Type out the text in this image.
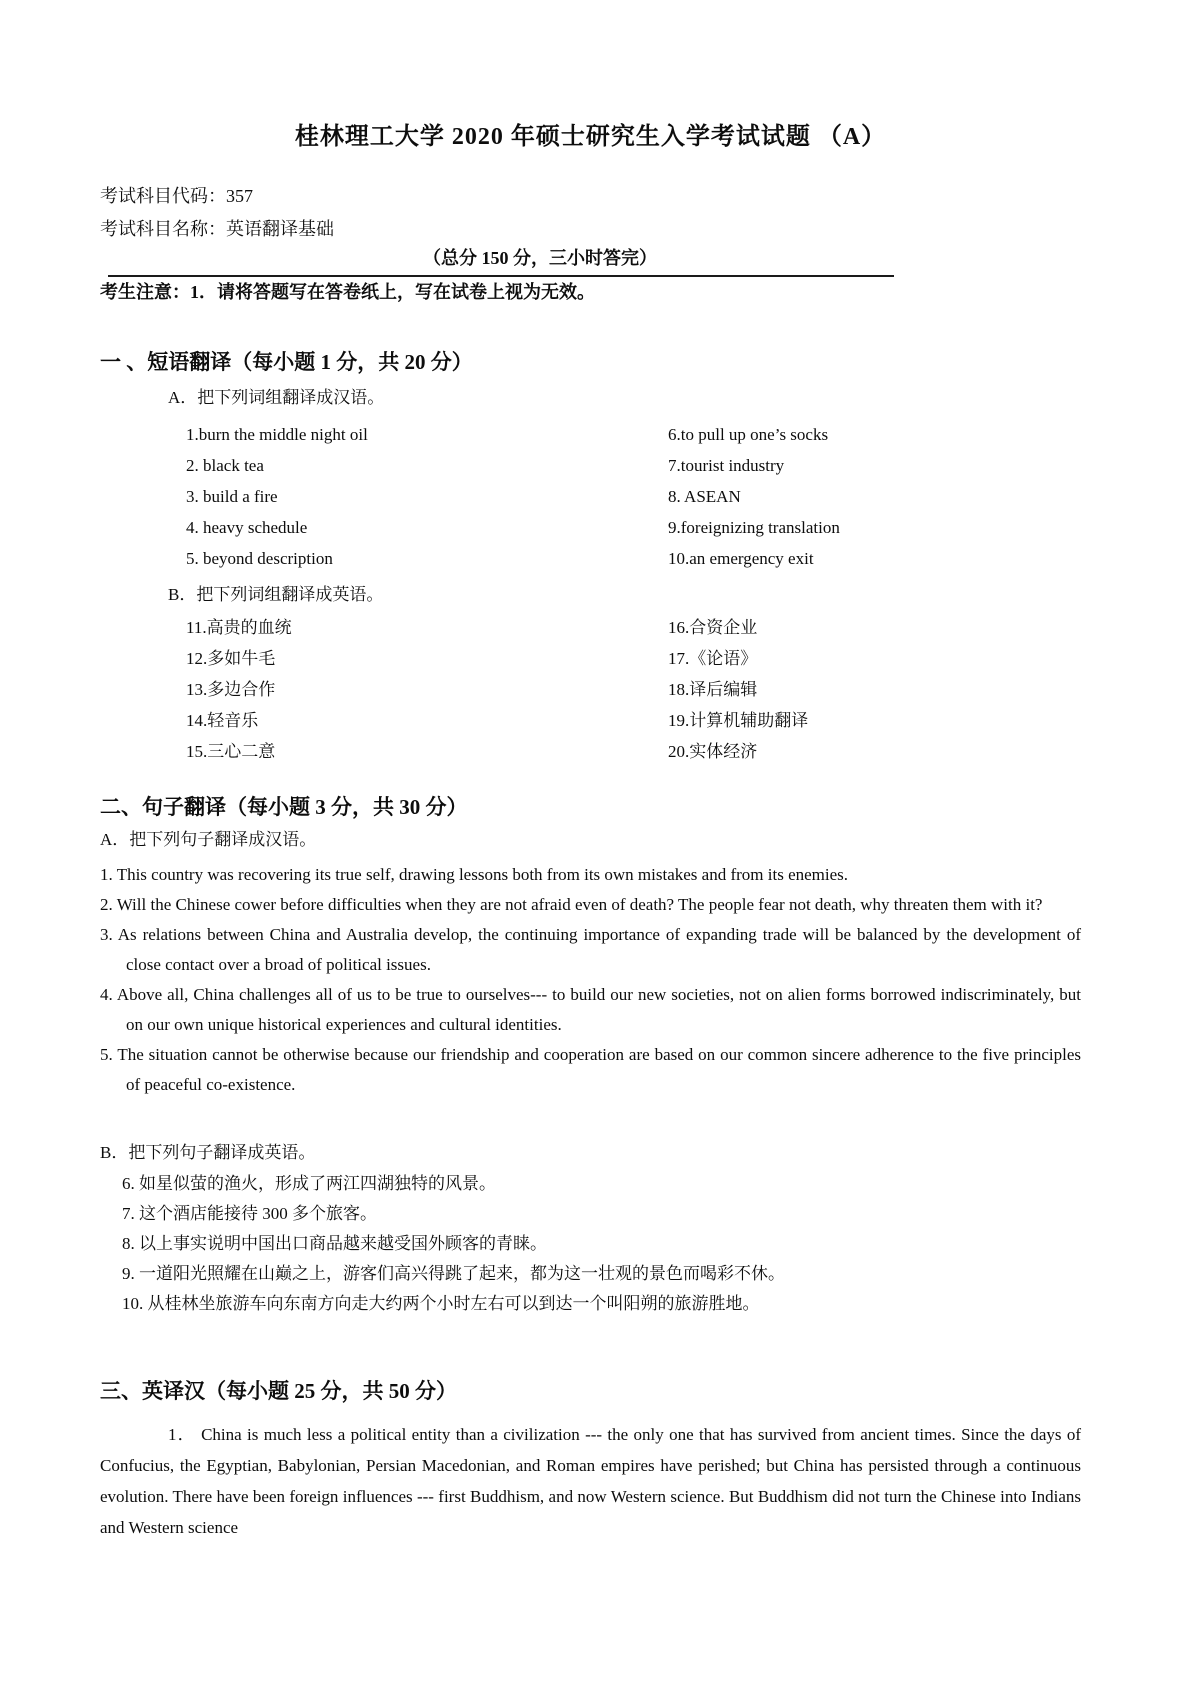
桂林理工大学 2020 年硕士研究生入学考试试题 （A）
考试科目代码：357
考试科目名称：英语翻译基础
（总分 150 分，三小时答完）
考生注意：1．请将答题写在答卷纸上，写在试卷上视为无效。
一 、短语翻译（每小题 1 分，共 20 分）
A．把下列词组翻译成汉语。
1.burn the middle night oil	6.to pull up one’s socks
2. black tea	7.tourist industry
3. build a fire	8. ASEAN
4. heavy schedule	9.foreignizing translation
5. beyond description	10.an emergency exit
B．把下列词组翻译成英语。
11.高贵的血统	16.合资企业
12.多如牛毛	17.《论语》
13.多边合作	18.译后编辑
14.轻音乐	19.计算机辅助翻译
15.三心二意	20.实体经济
二、句子翻译（每小题 3 分，共 30 分）
A．把下列句子翻译成汉语。

1. This country was recovering its true self, drawing lessons both from its own mistakes and from its enemies.

2. Will the Chinese cower before difficulties when they are not afraid even of death? The people fear not death, why threaten them with it?

3. As relations between China and Australia develop, the continuing importance of expanding trade will be balanced by the development of close contact over a broad of political issues.

4. Above all, China challenges all of us to be true to ourselves--- to build our new societies, not on alien forms borrowed indiscriminately, but on our own unique historical experiences and cultural identities.

5. The situation cannot be otherwise because our friendship and cooperation are based on our common sincere adherence to the five principles of peaceful co-existence.

B．把下列句子翻译成英语。

6. 如星似萤的渔火，形成了两江四湖独特的风景。

7. 这个酒店能接待 300 多个旅客。

8. 以上事实说明中国出口商品越来越受国外顾客的青睐。

9. 一道阳光照耀在山巅之上，游客们高兴得跳了起来，都为这一壮观的景色而喝彩不休。

10. 从桂林坐旅游车向东南方向走大约两个小时左右可以到达一个叫阳朔的旅游胜地。

三、英译汉（每小题 25 分，共 50 分）

1． China is much less a political entity than a civilization --- the only one that has survived from ancient times. Since the days of Confucius, the Egyptian, Babylonian, Persian Macedonian, and Roman empires have perished; but China has persisted through a continuous evolution. There have been foreign influences --- first Buddhism, and now Western science. But Buddhism did not turn the Chinese into Indians and Western science
